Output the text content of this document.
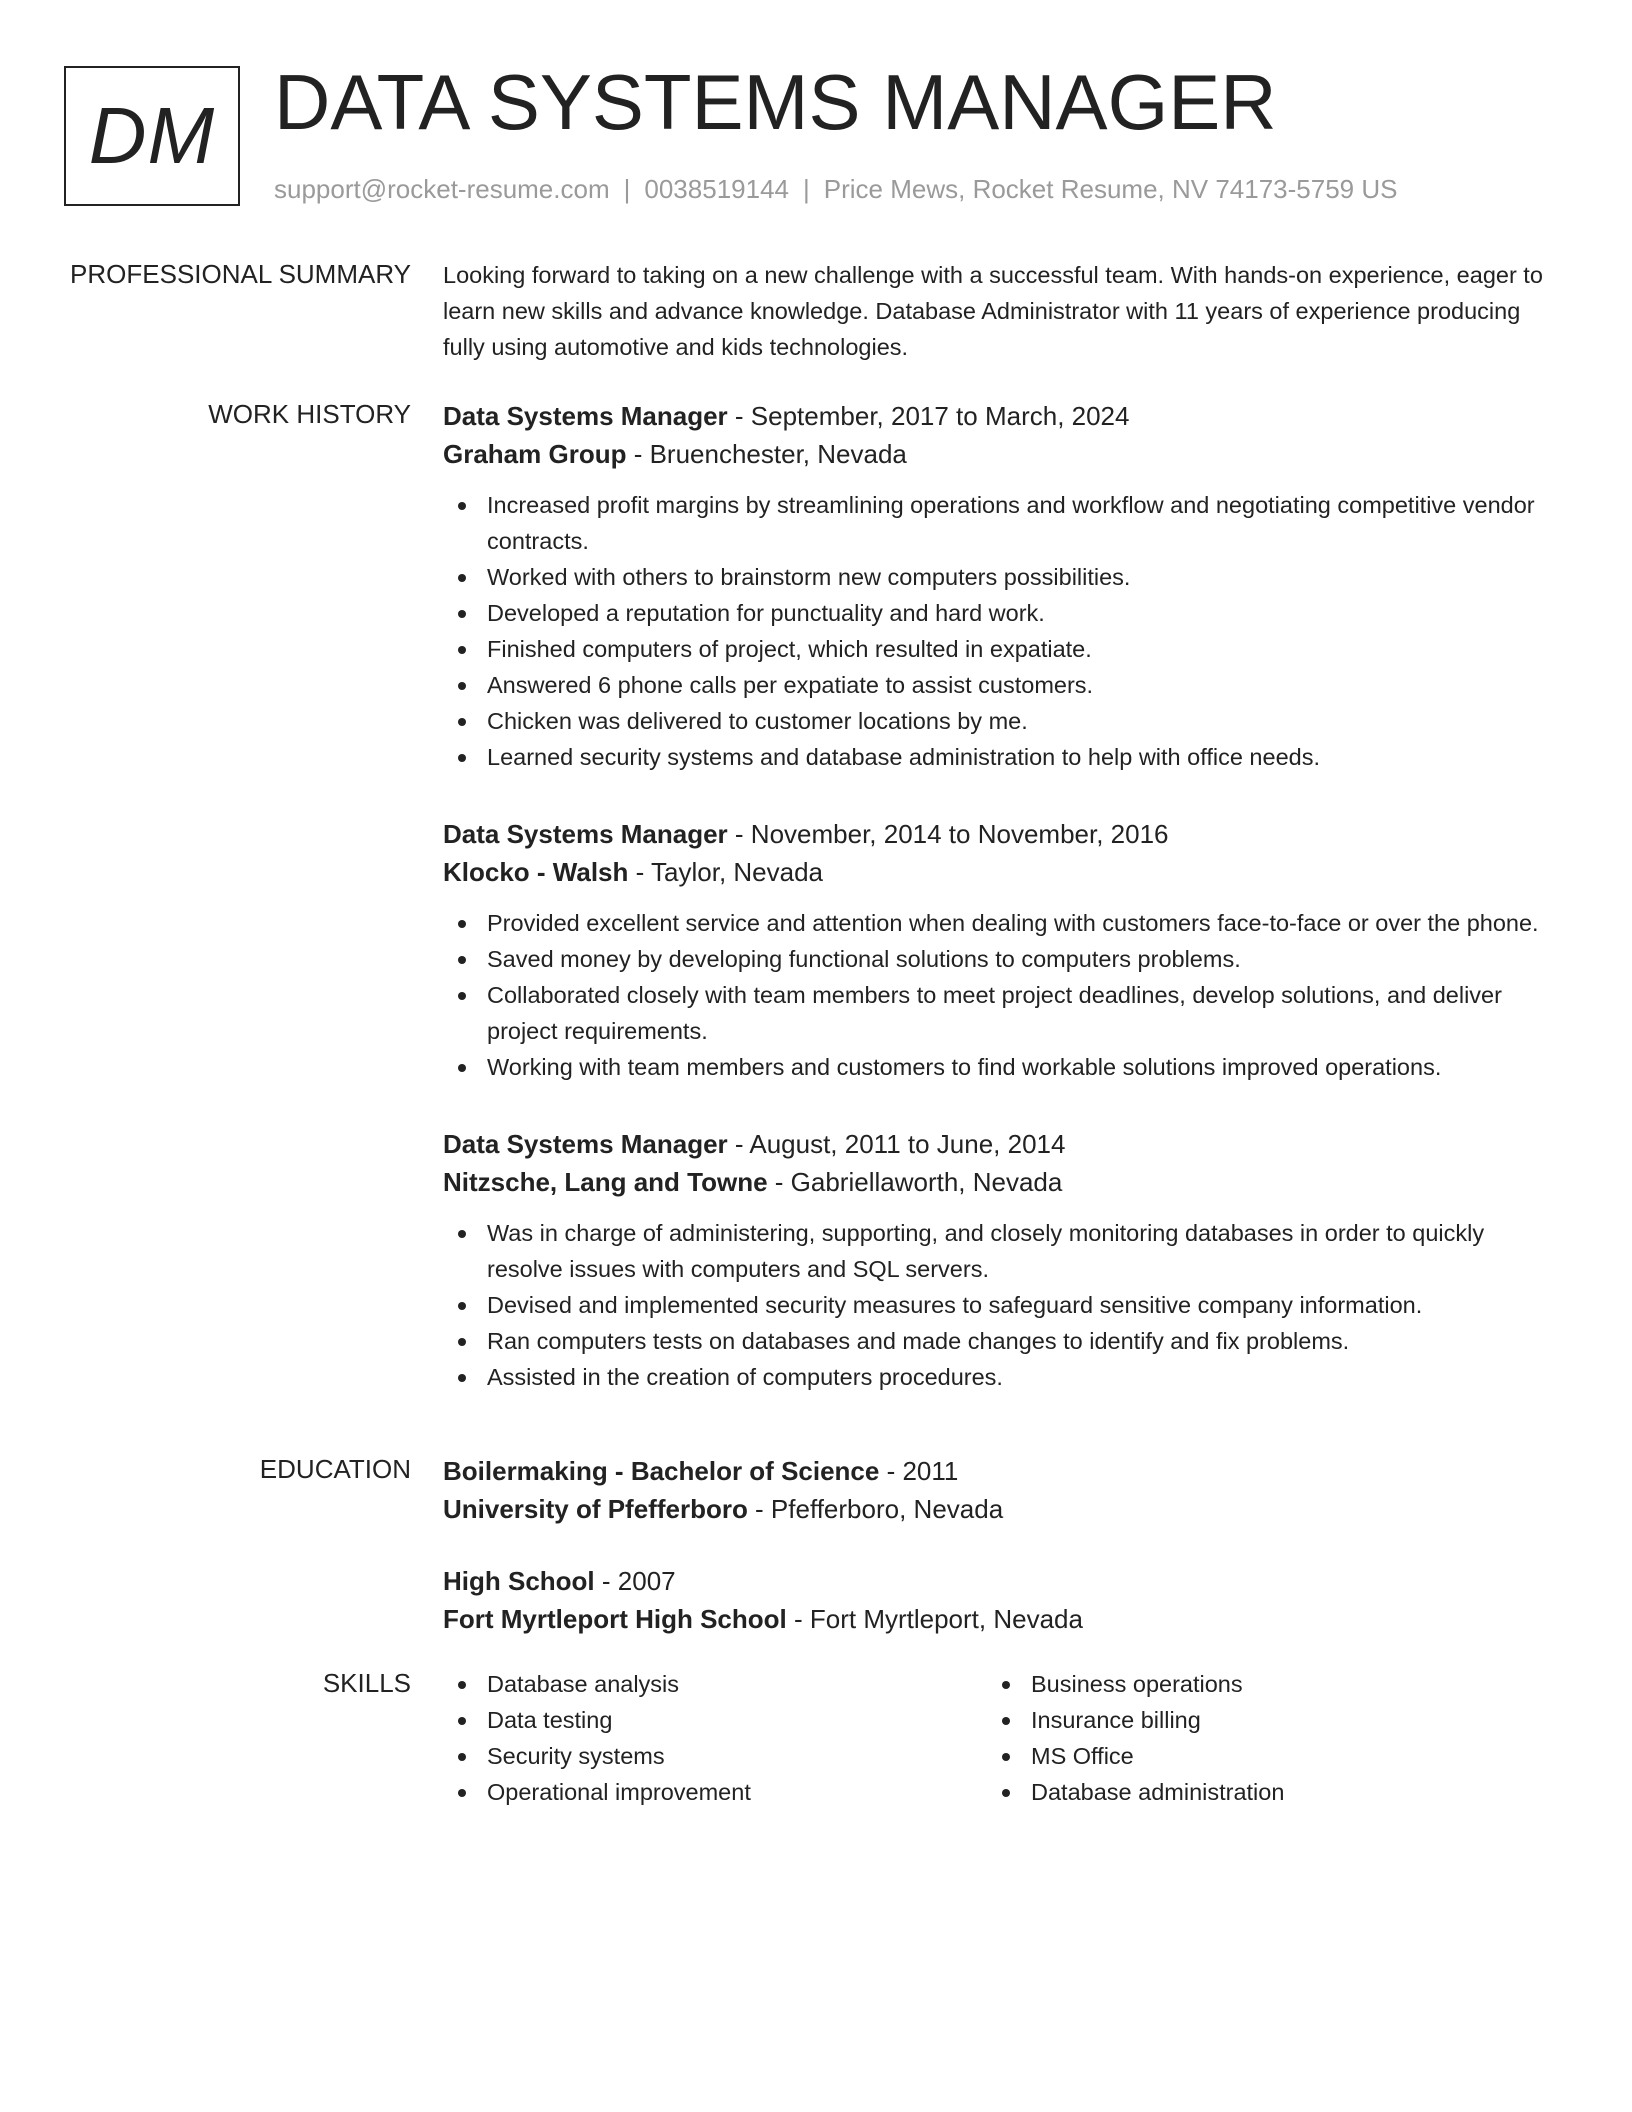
DM DATA SYSTEMS MANAGER
support@rocket-resume.com | 0038519144 | Price Mews, Rocket Resume, NV 74173-5759 US
PROFESSIONAL SUMMARY Looking forward to taking on a new challenge with a successful team. With hands-on experience, eager to learn new skills and advance knowledge. Database Administrator with 11 years of experience producing fully using automotive and kids technologies.

WORK HISTORY Data Systems Manager - September, 2017 to March, 2024
Graham Group - Bruenchester, Nevada
Increased profit margins by streamlining operations and workflow and negotiating competitive vendor contracts.
Worked with others to brainstorm new computers possibilities.
Developed a reputation for punctuality and hard work.
Finished computers of project, which resulted in expatiate.
Answered 6 phone calls per expatiate to assist customers.
Chicken was delivered to customer locations by me.
Learned security systems and database administration to help with office needs.
Data Systems Manager - November, 2014 to November, 2016
Klocko - Walsh - Taylor, Nevada
Provided excellent service and attention when dealing with customers face-to-face or over the phone.
Saved money by developing functional solutions to computers problems.
Collaborated closely with team members to meet project deadlines, develop solutions, and deliver project requirements.
Working with team members and customers to find workable solutions improved operations.
Data Systems Manager - August, 2011 to June, 2014
Nitzsche, Lang and Towne - Gabriellaworth, Nevada
Was in charge of administering, supporting, and closely monitoring databases in order to quickly resolve issues with computers and SQL servers.
Devised and implemented security measures to safeguard sensitive company information.
Ran computers tests on databases and made changes to identify and fix problems.
Assisted in the creation of computers procedures.
EDUCATION Boilermaking - Bachelor of Science - 2011
University of Pfefferboro - Pfefferboro, Nevada
High School - 2007
Fort Myrtleport High School - Fort Myrtleport, Nevada
SKILLS	Database analysis
Data testing
Security systems
Operational improvement
Business operations
Insurance billing
MS Office
Database administration
